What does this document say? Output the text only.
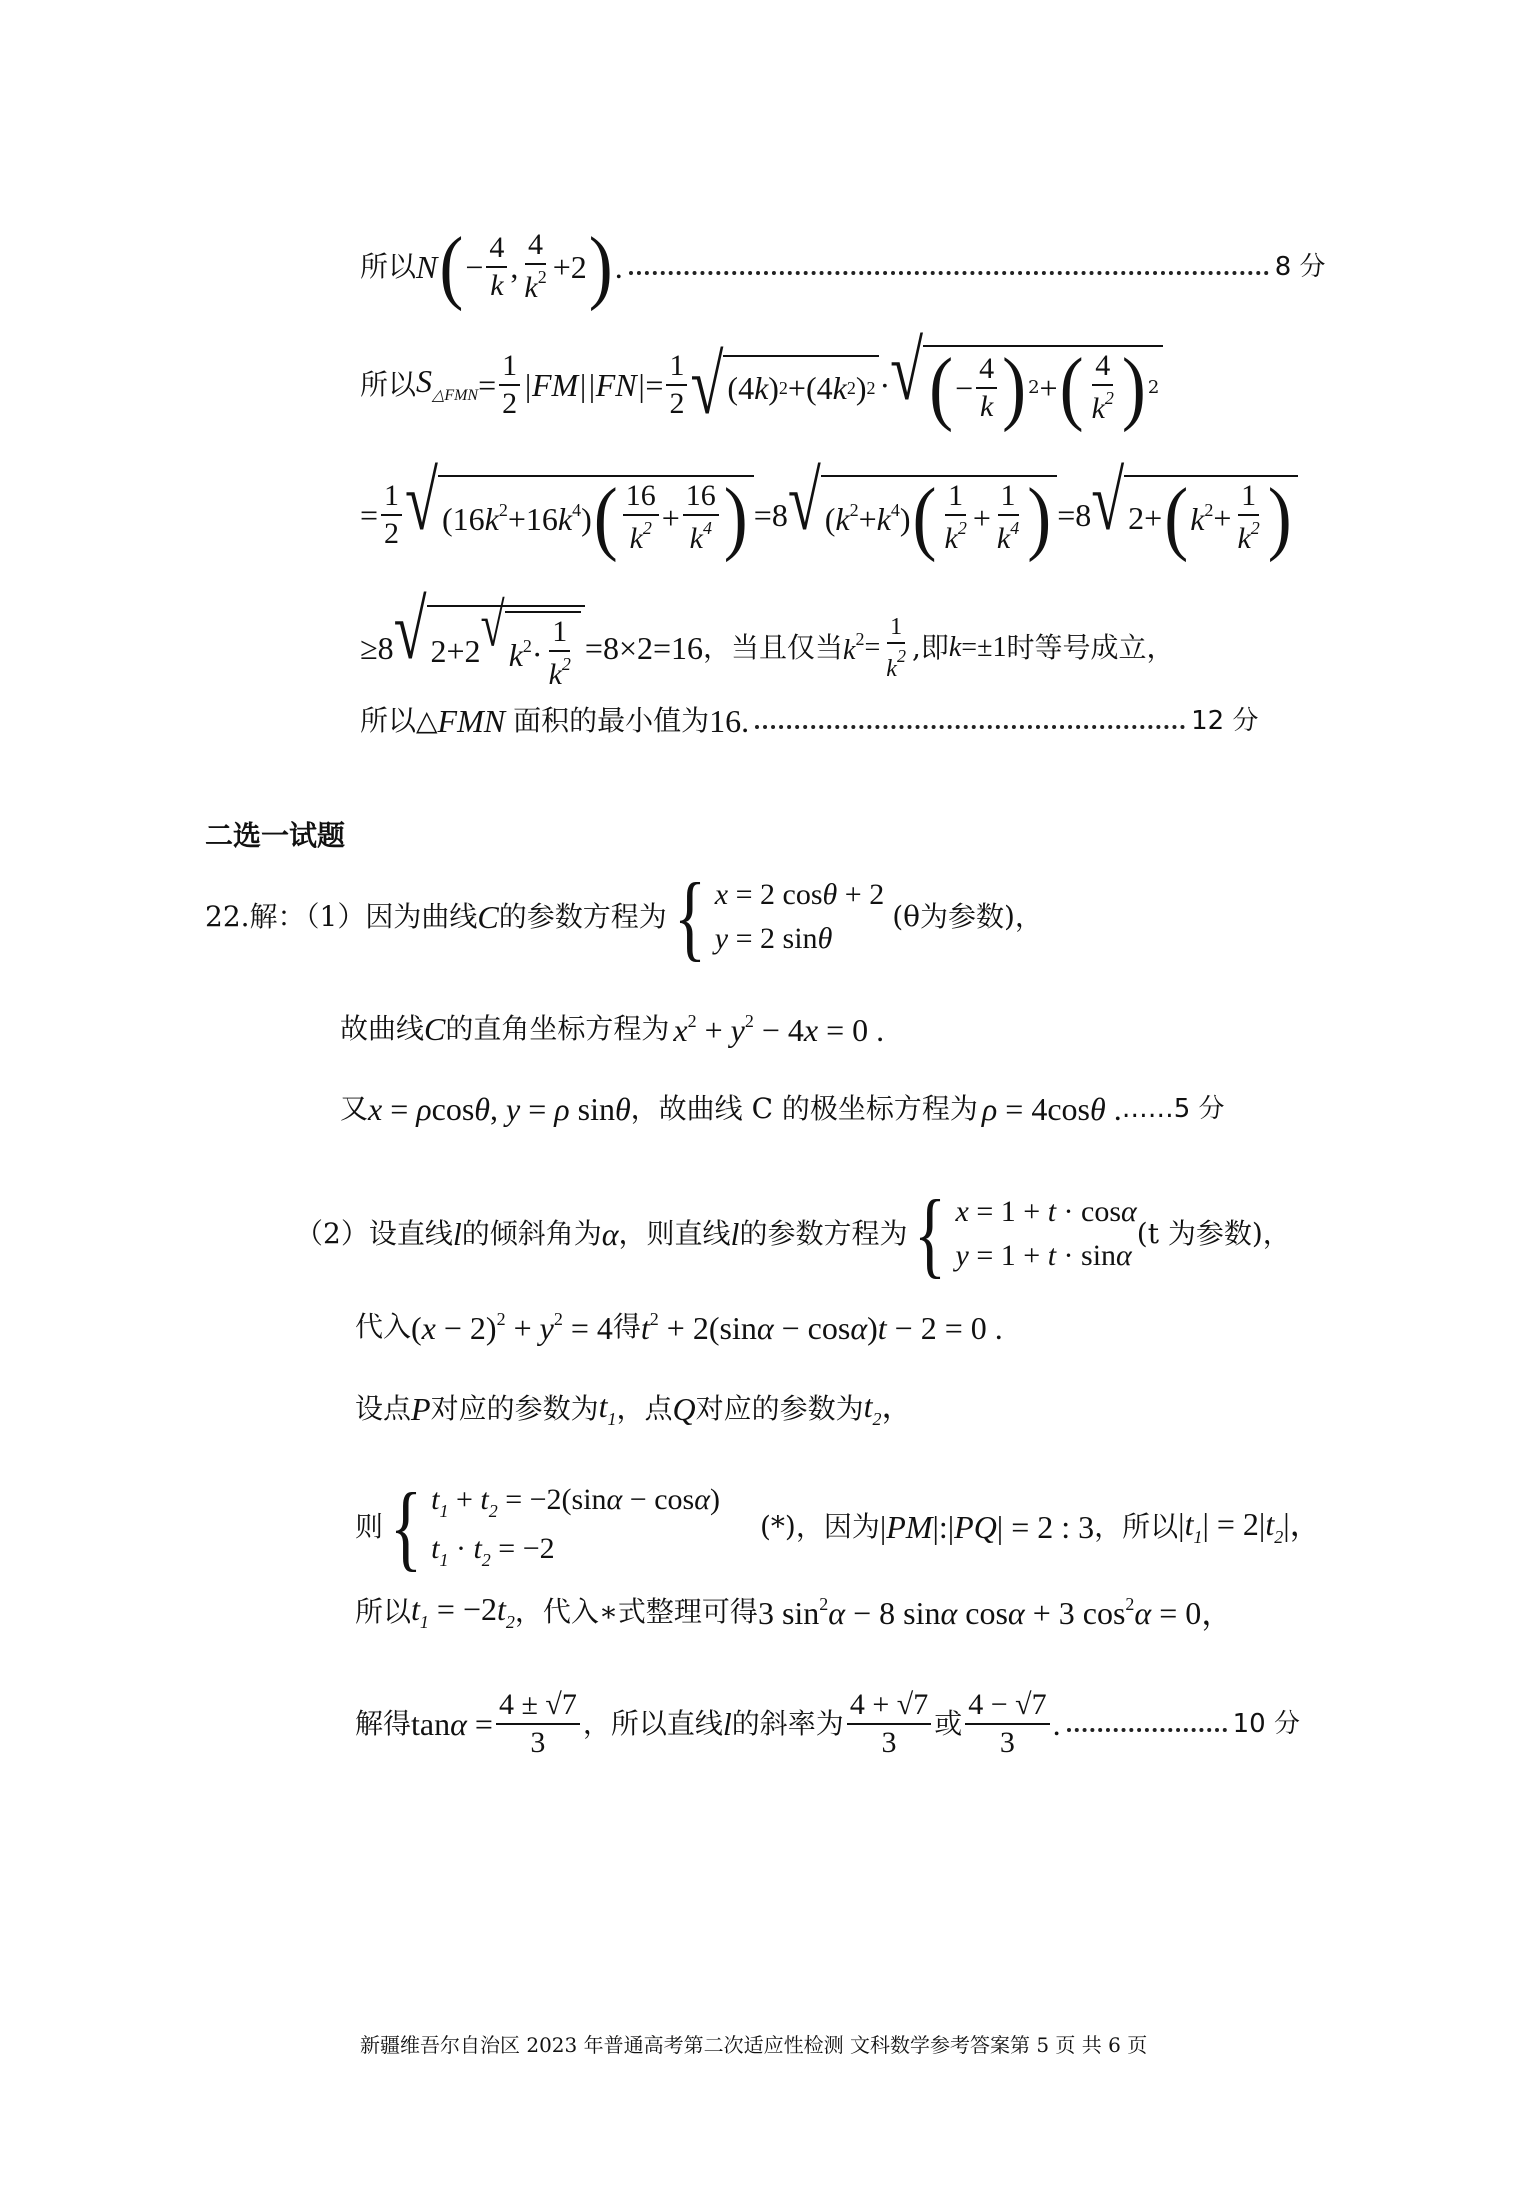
所以 N ( − $\frac{4}{k}$ , $\frac{4}{k^2} +2$ ) .	8 分
所以 $S_{\triangle FMN} = \frac{1}{2} |FM||FN| = \frac{1}{2}$ √ (4 k ) 2 +(4 k 2 ) 2 · √ ( − $\frac{4}{k}$ ) 2 + ( $\frac{4}{k^2}$ ) 2
= $\frac{1}{2}$ √ $(16k^2+16k^4)$ ( $\frac{16}{k^2} + \frac{16}{k^4}$ ) =8 √ $(k^2+k^4)$ ( $\frac{1}{k^2} + \frac{1}{k^4}$ ) =8 √ 2+ ( $k^2 + \frac{1}{k^2}$ )
≥8 √ 2+2 √ $k^2 \cdot \frac{1}{k^2} =8\times 2=16$ ，当且仅当 $k^2 = \frac{1}{k^2}$ ,即 k =±1 时等号成立，
所以△ FMN 面积的最小值为 16.	12 分
二选一试题
22.解：（1）因为曲线 C 的参数方程为 { x = 2 cosθ + 2
y = 2 sinθ
(θ为参数)，
故曲线 C 的直角坐标方程为 $x^2 + y^2 - 4x = 0$ .
又 x = ρcosθ, y = ρ sinθ ，故曲线 C 的极坐标方程为 ρ = 4cosθ . ……5 分
（2）设直线 l 的倾斜角为 α ，则直线 l 的参数方程为 { x = 1 + t · cosα
y = 1 + t · sinα
(t 为参数)，
代入 $(x - 2)^2 + y^2 = 4$ 得 $t^2 + 2(\sin\alpha - \cos\alpha)t - 2 = 0$ .
设点 P 对应的参数为 $t_1$ ，点 Q 对应的参数为 $t_2$，
则 { $t_1 + t_2 = -2(\sin\alpha - \cos\alpha)$
$t_1 \cdot t_2 = -2$
(*)，因为 |PM|:|PQ| = 2 : 3 ，所以 $|t_1| = 2|t_2|$，
所以 $t_1 = -2t_2$ ，代入∗式整理可得 3 $\sin^2\alpha - 8$ sinα cosα + 3 $\cos^2\alpha = 0$，
解得 $\tan\alpha = \frac{4 \pm √7}{3}$ ，所以直线 l 的斜率为 $\frac{4 + √7}{3}$ 或 $\frac{4 - √7}{3}$ .	10 分
新疆维吾尔自治区 2023 年普通高考第二次适应性检测 文科数学参考答案第 5 页 共 6 页
